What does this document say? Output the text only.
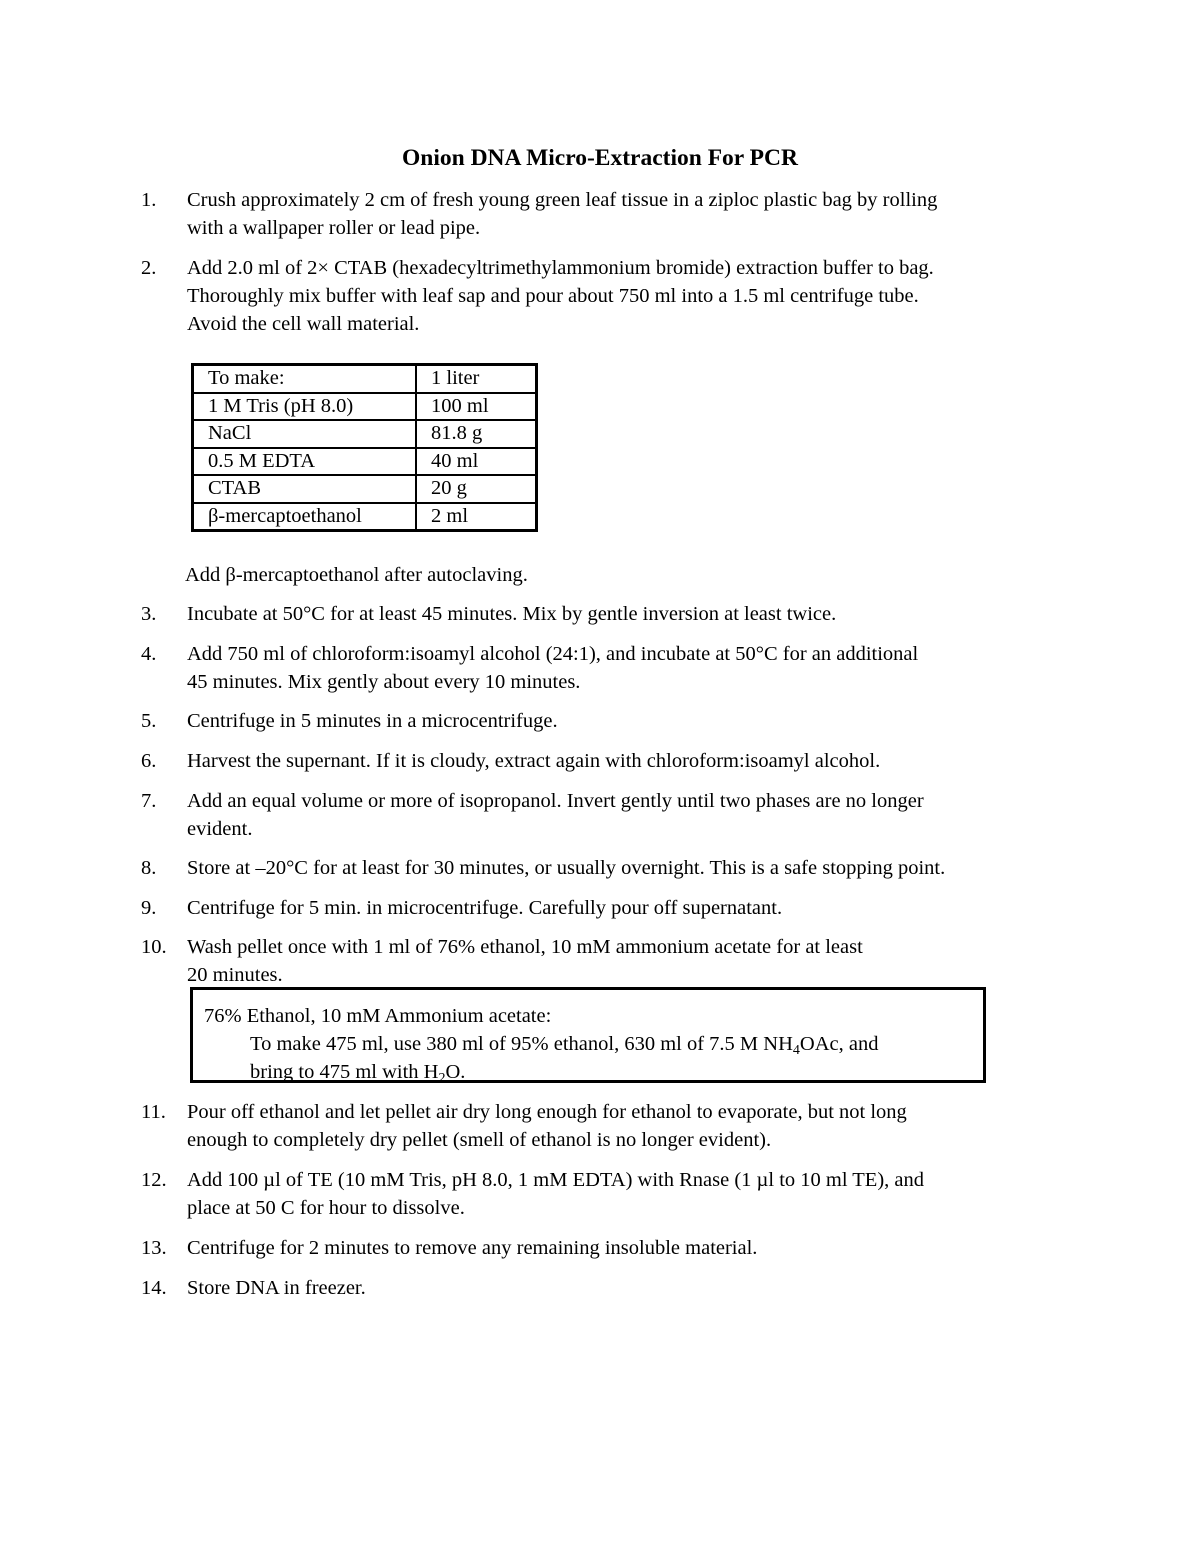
Onion DNA Micro-Extraction For PCR
1. Crush approximately 2 cm of fresh young green leaf tissue in a ziploc plastic bag by rolling
with a wallpaper roller or lead pipe.
2. Add 2.0 ml of 2× CTAB (hexadecyltrimethylammonium bromide) extraction buffer to bag.
Thoroughly mix buffer with leaf sap and pour about 750 ml into a 1.5 ml centrifuge tube.
Avoid the cell wall material.
To make:	1 liter
1 M Tris (pH 8.0)	100 ml
NaCl	81.8 g
0.5 M EDTA	40 ml
CTAB	20 g
β-mercaptoethanol	2 ml
Add β-mercaptoethanol after autoclaving.
3. Incubate at 50°C for at least 45 minutes. Mix by gentle inversion at least twice.
4. Add 750 ml of chloroform:isoamyl alcohol (24:1), and incubate at 50°C for an additional
45 minutes. Mix gently about every 10 minutes.
5. Centrifuge in 5 minutes in a microcentrifuge.
6. Harvest the supernant. If it is cloudy, extract again with chloroform:isoamyl alcohol.
7. Add an equal volume or more of isopropanol. Invert gently until two phases are no longer
evident.
8. Store at –20°C for at least for 30 minutes, or usually overnight. This is a safe stopping point.
9. Centrifuge for 5 min. in microcentrifuge. Carefully pour off supernatant.
10. Wash pellet once with 1 ml of 76% ethanol, 10 mM ammonium acetate for at least
20 minutes.
76% Ethanol, 10 mM Ammonium acetate:
To make 475 ml, use 380 ml of 95% ethanol, 630 ml of 7.5 M $NH_4OAc$, and
bring to 475 ml with $H_2O$.
11. Pour off ethanol and let pellet air dry long enough for ethanol to evaporate, but not long
enough to completely dry pellet (smell of ethanol is no longer evident).
12. Add 100 µl of TE (10 mM Tris, pH 8.0, 1 mM EDTA) with Rnase (1 µl to 10 ml TE), and
place at 50 C for hour to dissolve.
13. Centrifuge for 2 minutes to remove any remaining insoluble material.
14. Store DNA in freezer.
